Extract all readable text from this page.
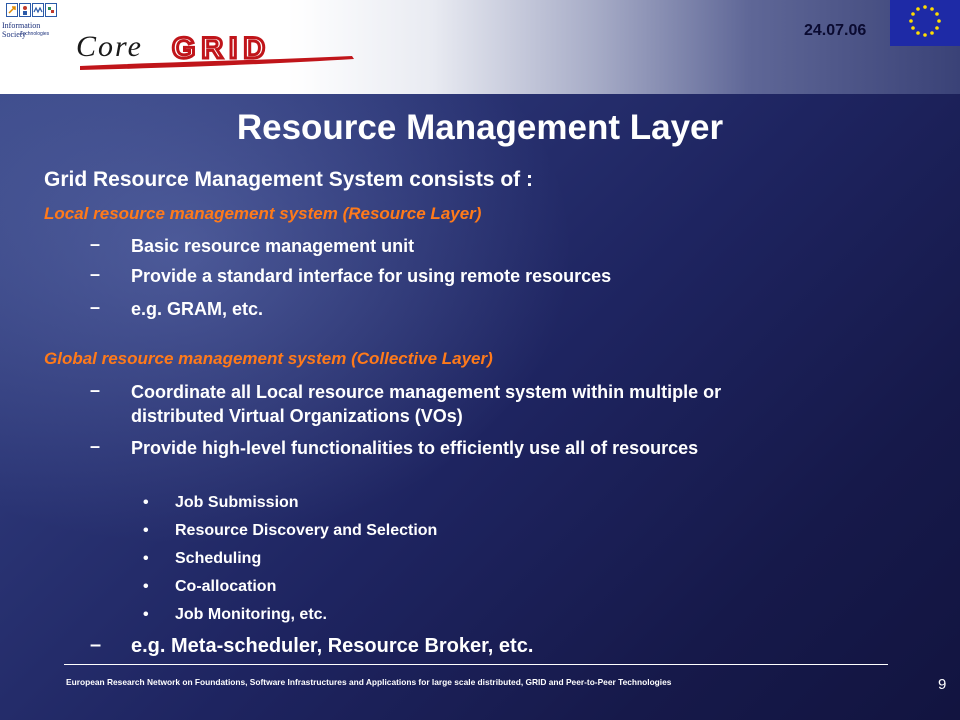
Information Society
Technologies Core GRID
24.07.06
Resource Management Layer
Grid Resource Management System consists of :
Local resource management system (Resource Layer)
– Basic resource management unit
– Provide a standard interface for using remote resources
– e.g. GRAM, etc.
Global resource management system (Collective Layer)
– Coordinate all Local resource management system within multiple or distributed Virtual Organizations (VOs)
– Provide high-level functionalities to efficiently use all of resources
• Job Submission
• Resource Discovery and Selection
• Scheduling
• Co-allocation
• Job Monitoring, etc.
– e.g. Meta-scheduler, Resource Broker, etc.
European Research Network on Foundations, Software Infrastructures and Applications for large scale distributed, GRID and Peer-to-Peer Technologies	9
